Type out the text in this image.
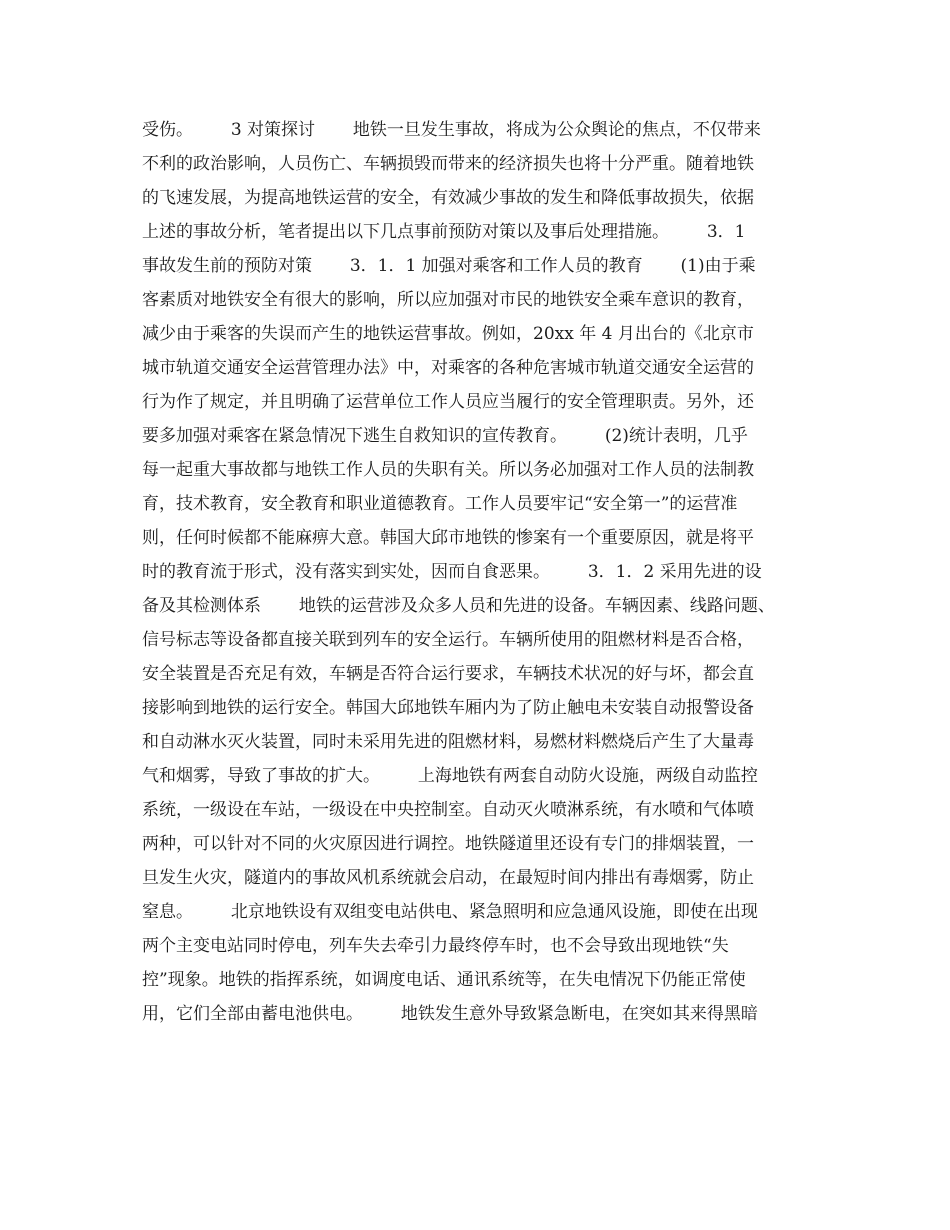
受伤。       3 对策探讨       地铁一旦发生事故，将成为公众舆论的焦点，不仅带来
不利的政治影响，人员伤亡、车辆损毁而带来的经济损失也将十分严重。随着地铁
的飞速发展，为提高地铁运营的安全，有效减少事故的发生和降低事故损失，依据
上述的事故分析，笔者提出以下几点事前预防对策以及事后处理措施。       3．1
事故发生前的预防对策       3．1．1 加强对乘客和工作人员的教育       (1)由于乘
客素质对地铁安全有很大的影响，所以应加强对市民的地铁安全乘车意识的教育，
减少由于乘客的失误而产生的地铁运营事故。例如，20xx 年 4 月出台的《北京市
城市轨道交通安全运营管理办法》中，对乘客的各种危害城市轨道交通安全运营的
行为作了规定，并且明确了运营单位工作人员应当履行的安全管理职责。另外，还
要多加强对乘客在紧急情况下逃生自救知识的宣传教育。       (2)统计表明，几乎
每一起重大事故都与地铁工作人员的失职有关。所以务必加强对工作人员的法制教
育，技术教育，安全教育和职业道德教育。工作人员要牢记“安全第一”的运营准
则，任何时候都不能麻痹大意。韩国大邱市地铁的惨案有一个重要原因，就是将平
时的教育流于形式，没有落实到实处，因而自食恶果。       3．1．2 采用先进的设
备及其检测体系       地铁的运营涉及众多人员和先进的设备。车辆因素、线路问题、
信号标志等设备都直接关联到列车的安全运行。车辆所使用的阻燃材料是否合格，
安全装置是否充足有效，车辆是否符合运行要求，车辆技术状况的好与坏，都会直
接影响到地铁的运行安全。韩国大邱地铁车厢内为了防止触电未安装自动报警设备
和自动淋水灭火装置，同时未采用先进的阻燃材料，易燃材料燃烧后产生了大量毒
气和烟雾，导致了事故的扩大。       上海地铁有两套自动防火设施，两级自动监控
系统，一级设在车站，一级设在中央控制室。自动灭火喷淋系统，有水喷和气体喷
两种，可以针对不同的火灾原因进行调控。地铁隧道里还设有专门的排烟装置，一
旦发生火灾，隧道内的事故风机系统就会启动，在最短时间内排出有毒烟雾，防止
窒息。       北京地铁设有双组变电站供电、紧急照明和应急通风设施，即使在出现
两个主变电站同时停电，列车失去牵引力最终停车时，也不会导致出现地铁“失
控”现象。地铁的指挥系统，如调度电话、通讯系统等，在失电情况下仍能正常使
用，它们全部由蓄电池供电。       地铁发生意外导致紧急断电，在突如其来得黑暗
